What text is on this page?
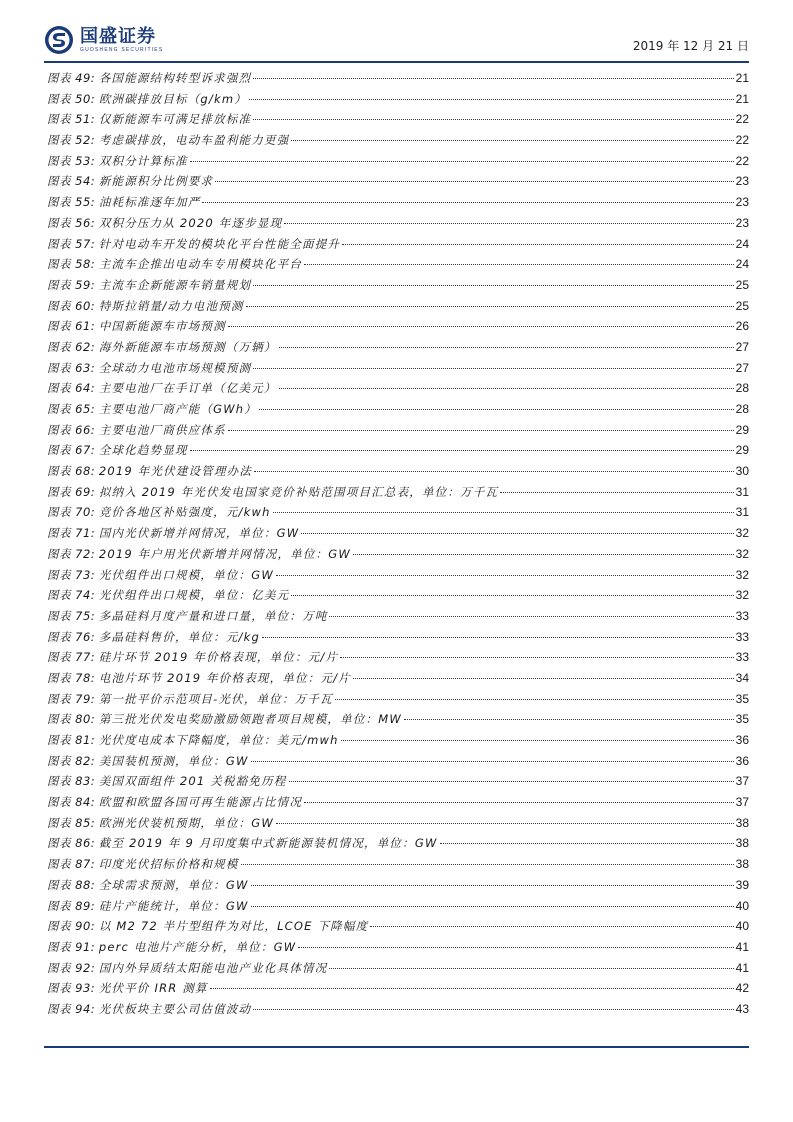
国盛证券
GUOSHENG SECURITIES	2019 年 12 月 21 日
图表 49: 各国能源结构转型诉求强烈	21
图表 50: 欧洲碳排放目标（g/km）	21
图表 51: 仅新能源车可满足排放标准	22
图表 52: 考虑碳排放，电动车盈利能力更强	22
图表 53: 双积分计算标准	22
图表 54: 新能源积分比例要求	23
图表 55: 油耗标准逐年加严	23
图表 56: 双积分压力从 2020 年逐步显现	23
图表 57: 针对电动车开发的模块化平台性能全面提升	24
图表 58: 主流车企推出电动车专用模块化平台	24
图表 59: 主流车企新能源车销量规划	25
图表 60: 特斯拉销量/动力电池预测	25
图表 61: 中国新能源车市场预测	26
图表 62: 海外新能源车市场预测（万辆）	27
图表 63: 全球动力电池市场规模预测	27
图表 64: 主要电池厂在手订单（亿美元）	28
图表 65: 主要电池厂商产能（GWh）	28
图表 66: 主要电池厂商供应体系	29
图表 67: 全球化趋势显现	29
图表 68: 2019 年光伏建设管理办法	30
图表 69: 拟纳入 2019 年光伏发电国家竞价补贴范围项目汇总表，单位：万千瓦	31
图表 70: 竞价各地区补贴强度，元/kwh	31
图表 71: 国内光伏新增并网情况，单位：GW	32
图表 72: 2019 年户用光伏新增并网情况，单位：GW	32
图表 73: 光伏组件出口规模，单位：GW	32
图表 74: 光伏组件出口规模，单位：亿美元	32
图表 75: 多晶硅料月度产量和进口量，单位：万吨	33
图表 76: 多晶硅料售价，单位：元/kg	33
图表 77: 硅片环节 2019 年价格表现，单位：元/片	33
图表 78: 电池片环节 2019 年价格表现，单位：元/片	34
图表 79: 第一批平价示范项目-光伏，单位：万千瓦	35
图表 80: 第三批光伏发电奖励激励领跑者项目规模，单位：MW	35
图表 81: 光伏度电成本下降幅度，单位：美元/mwh	36
图表 82: 美国装机预测，单位：GW	36
图表 83: 美国双面组件 201 关税豁免历程	37
图表 84: 欧盟和欧盟各国可再生能源占比情况	37
图表 85: 欧洲光伏装机预期，单位：GW	38
图表 86: 截至 2019 年 9 月印度集中式新能源装机情况，单位：GW	38
图表 87: 印度光伏招标价格和规模	38
图表 88: 全球需求预测，单位：GW	39
图表 89: 硅片产能统计，单位：GW	40
图表 90: 以 M2 72 半片型组件为对比，LCOE 下降幅度	40
图表 91: perc 电池片产能分析，单位：GW	41
图表 92: 国内外异质结太阳能电池产业化具体情况	41
图表 93: 光伏平价 IRR 测算	42
图表 94: 光伏板块主要公司估值波动	43
